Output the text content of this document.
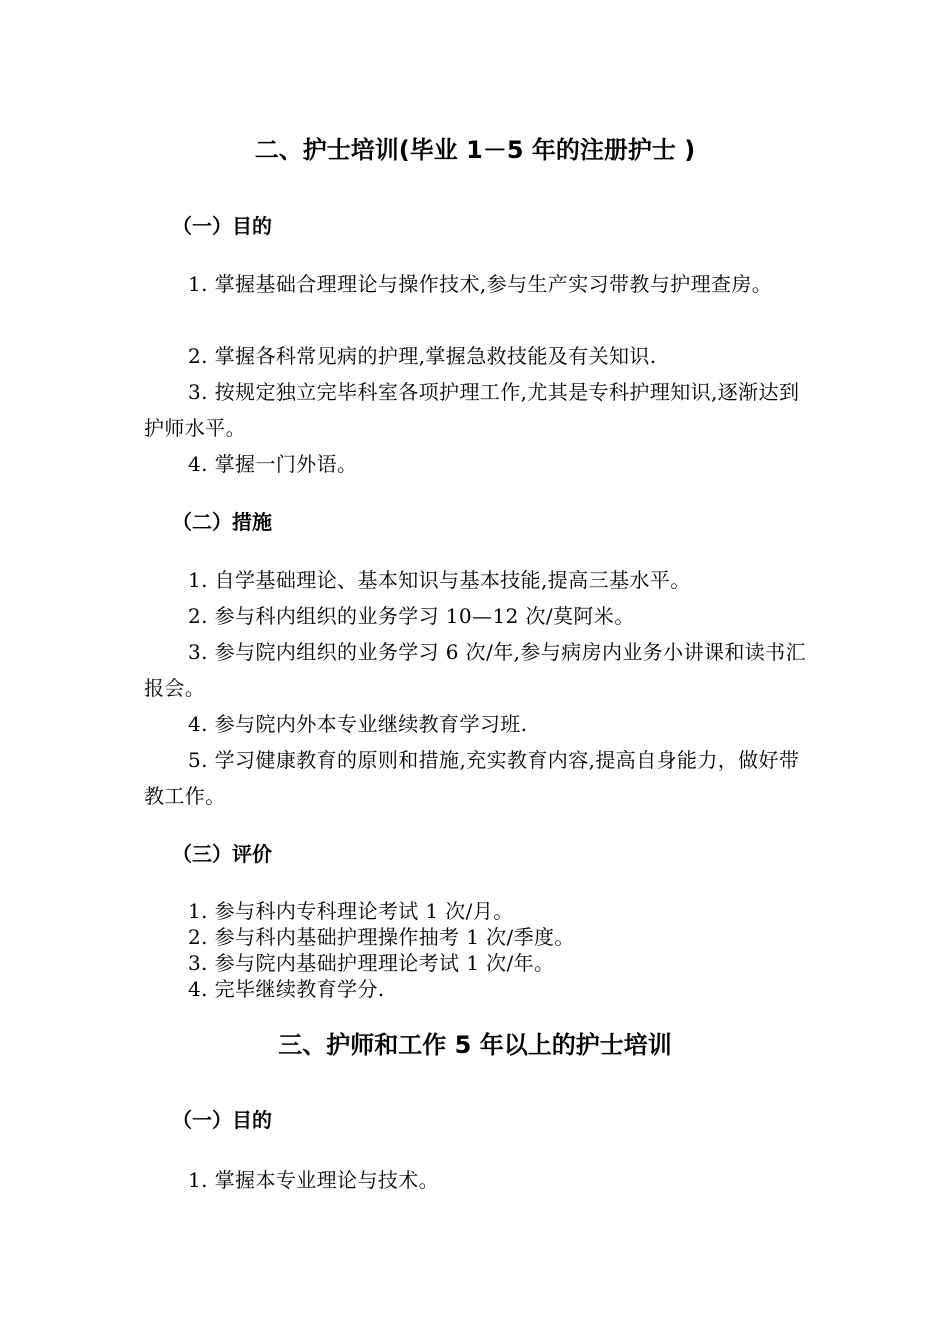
二、护士培训(毕业 1－5 年的注册护士 )
（一）目的
1. 掌握基础合理理论与操作技术,参与生产实习带教与护理查房。
2. 掌握各科常见病的护理,掌握急救技能及有关知识.
3. 按规定独立完毕科室各项护理工作,尤其是专科护理知识,逐渐达到护师水平。
4. 掌握一门外语。
（二）措施
1. 自学基础理论、基本知识与基本技能,提高三基水平。
2. 参与科内组织的业务学习 10—12 次/莫阿米。
3. 参与院内组织的业务学习 6 次/年,参与病房内业务小讲课和读书汇报会。
4. 参与院内外本专业继续教育学习班.
5. 学习健康教育的原则和措施,充实教育内容,提高自身能力，做好带教工作。
（三）评价
1. 参与科内专科理论考试 1 次/月。
2. 参与科内基础护理操作抽考 1 次/季度。
3. 参与院内基础护理理论考试 1 次/年。
4. 完毕继续教育学分.
三、护师和工作 5 年以上的护士培训
（一）目的
1. 掌握本专业理论与技术。
